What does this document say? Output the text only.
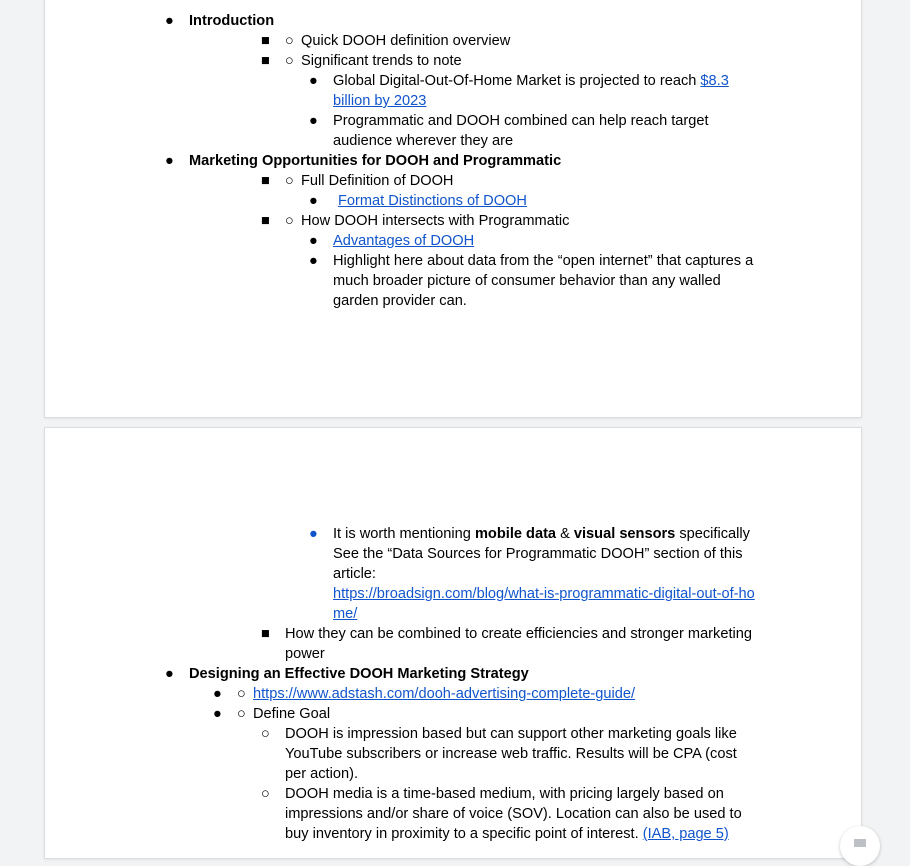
● Introduction
■ ○ Quick DOOH definition overview
■ ○ Significant trends to note
● Global Digital-Out-Of-Home Market is projected to reach $8.3
billion by 2023
● Programmatic and DOOH combined can help reach target
audience wherever they are
● Marketing Opportunities for DOOH and Programmatic
■ ○ Full Definition of DOOH
● Format Distinctions of DOOH
■ ○ How DOOH intersects with Programmatic
● Advantages of DOOH
● Highlight here about data from the “open internet” that captures a
much broader picture of consumer behavior than any walled
garden provider can.
● It is worth mentioning mobile data & visual sensors specifically
See the “Data Sources for Programmatic DOOH” section of this
article:
https://broadsign.com/blog/what-is-programmatic-digital-out-of-ho
me/
■ How they can be combined to create efficiencies and stronger marketing
power
● Designing an Effective DOOH Marketing Strategy
● ○ https://www.adstash.com/dooh-advertising-complete-guide/
● ○ Define Goal
○ DOOH is impression based but can support other marketing goals like
YouTube subscribers or increase web traffic. Results will be CPA (cost
per action).
○ DOOH media is a time-based medium, with pricing largely based on
impressions and/or share of voice (SOV). Location can also be used to
buy inventory in proximity to a specific point of interest. (IAB, page 5)
